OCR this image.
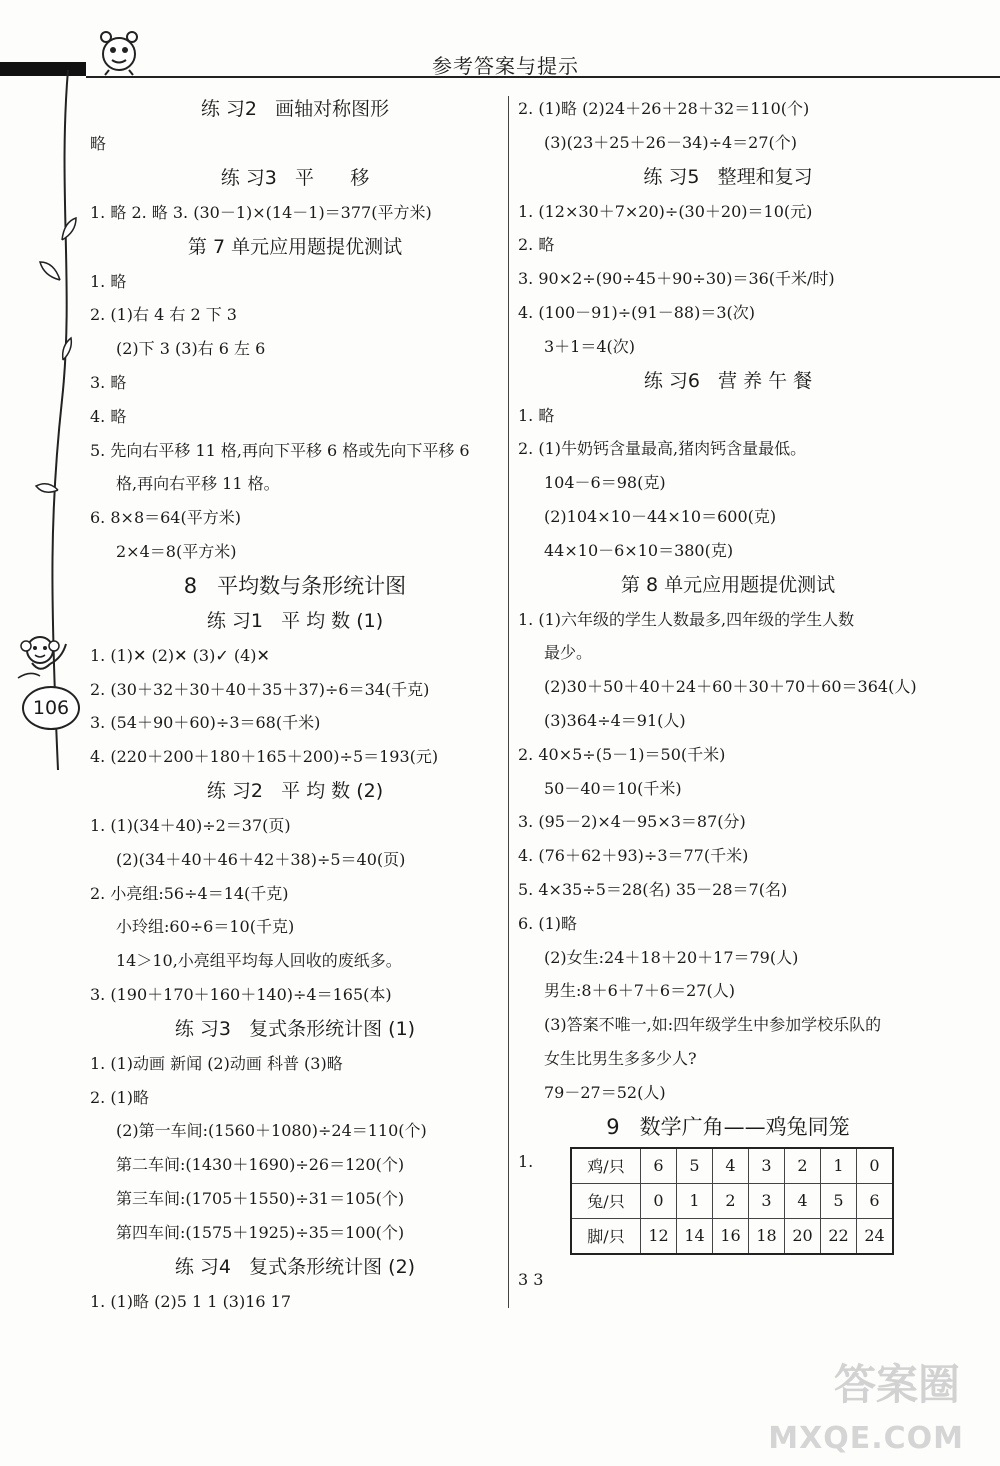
参考答案与提示
106
练 习2   画轴对称图形
略
练 习3   平      移
1. 略 2. 略 3. (30－1)×(14－1)＝377(平方米)
第 7 单元应用题提优测试
1. 略
2. (1)右 4 右 2 下 3
(2)下 3 (3)右 6 左 6
3. 略
4. 略
5. 先向右平移 11 格,再向下平移 6 格或先向下平移 6
格,再向右平移 11 格。
6. 8×8＝64(平方米)
2×4＝8(平方米)
8   平均数与条形统计图
练 习1   平 均 数 (1)
1. (1)✕ (2)✕ (3)✓ (4)✕
2. (30＋32＋30＋40＋35＋37)÷6＝34(千克)
3. (54＋90＋60)÷3＝68(千米)
4. (220＋200＋180＋165＋200)÷5＝193(元)
练 习2   平 均 数 (2)
1. (1)(34＋40)÷2＝37(页)
(2)(34＋40＋46＋42＋38)÷5＝40(页)
2. 小亮组:56÷4＝14(千克)
小玲组:60÷6＝10(千克)
14＞10,小亮组平均每人回收的废纸多。
3. (190＋170＋160＋140)÷4＝165(本)
练 习3   复式条形统计图 (1)
1. (1)动画 新闻 (2)动画 科普 (3)略
2. (1)略
(2)第一车间:(1560＋1080)÷24＝110(个)
第二车间:(1430＋1690)÷26＝120(个)
第三车间:(1705＋1550)÷31＝105(个)
第四车间:(1575＋1925)÷35＝100(个)
练 习4   复式条形统计图 (2)
1. (1)略 (2)5 1 1 (3)16 17
2. (1)略 (2)24＋26＋28＋32＝110(个)
(3)(23＋25＋26－34)÷4＝27(个)
练 习5   整理和复习
1. (12×30＋7×20)÷(30＋20)＝10(元)
2. 略
3. 90×2÷(90÷45＋90÷30)＝36(千米/时)
4. (100－91)÷(91－88)＝3(次)
3＋1＝4(次)
练 习6   营 养 午 餐
1. 略
2. (1)牛奶钙含量最高,猪肉钙含量最低。
104－6＝98(克)
(2)104×10－44×10＝600(克)
44×10－6×10＝380(克)
第 8 单元应用题提优测试
1. (1)六年级的学生人数最多,四年级的学生人数
最少。
(2)30＋50＋40＋24＋60＋30＋70＋60＝364(人)
(3)364÷4＝91(人)
2. 40×5÷(5－1)＝50(千米)
50－40＝10(千米)
3. (95－2)×4－95×3＝87(分)
4. (76＋62＋93)÷3＝77(千米)
5. 4×35÷5＝28(名) 35－28＝7(名)
6. (1)略
(2)女生:24＋18＋20＋17＝79(人)
男生:8＋6＋7＋6＝27(人)
(3)答案不唯一,如:四年级学生中参加学校乐队的
女生比男生多多少人?
79－27＝52(人)
9   数学广角——鸡兔同笼
1.	鸡/只	6	5	4	3	2	1	0
兔/只	0	1	2	3	4	5	6
脚/只	12	14	16	18	20	22	24
3 3
答案圈
MXQE.COM
